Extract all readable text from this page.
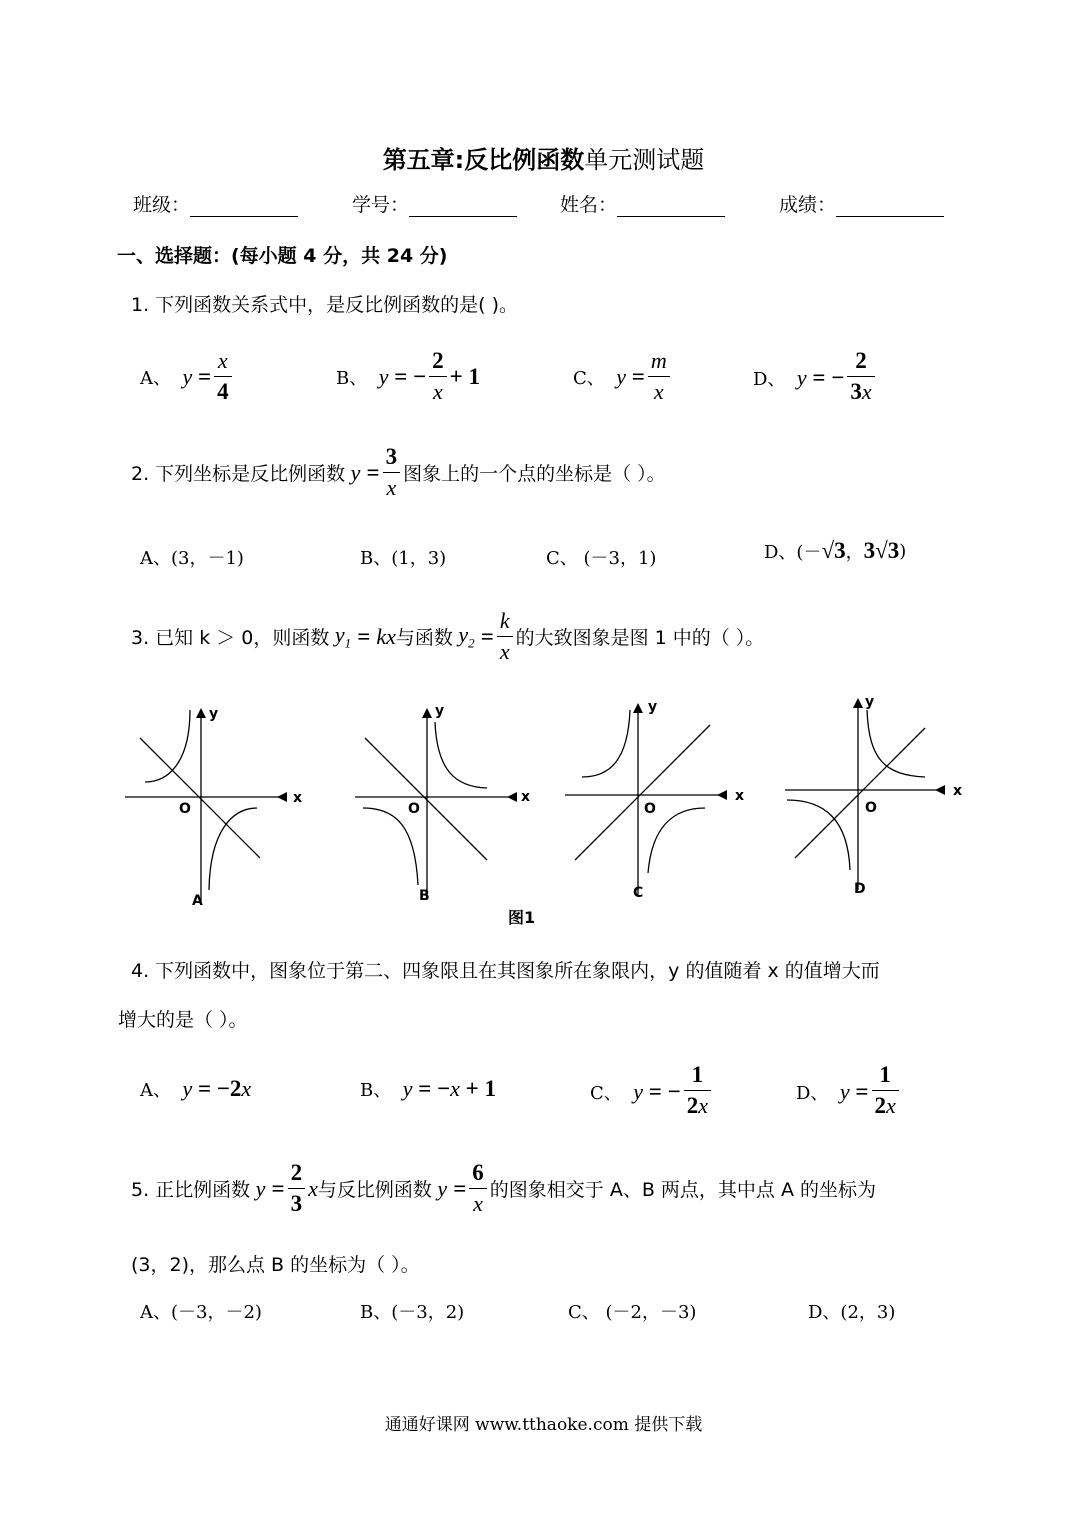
第五章:反比例函数单元测试题
班级：	学号：	姓名：	成绩：
一、选择题：(每小题 4 分，共 24 分)
1. 下列函数关系式中，是反比例函数的是( )。
A、
y
= $\frac{x}{4}$	B、
y
= − $\frac{2}{x} + 1$	C、
y
= $\frac{m}{x}$	D、
y
= − $\frac{2}{3x}$
2. 下列坐标是反比例函数 y
= $\frac{3}{x}$ 图象上的一个点的坐标是（ ）。
A、(3，－1)	B、(1，3)	C、 (－3，1)	D、(－ √3 ， 3√3 )
3. 已知 k ＞ 0，则函数 $y_1$
=
kx 与函数 $y_2$
= $\frac{k}{x}$ 的大致图象是图 1 中的（ ）。
y
x
O
A
y
x
O
B
y
x
O
C
y
x
O
D
图1
4. 下列函数中，图象位于第二、四象限且在其图象所在象限内，y 的值随着 x 的值增大而
增大的是（ ）。
A、
y
= −2 x	B、
y
= − x
+ 1	C、
y
= − $\frac{1}{2x}$	D、
y
= $\frac{1}{2x}$
5. 正比例函数 y
= $\frac{2}{3}$ x 与反比例函数 y
= $\frac{6}{x}$ 的图象相交于 A、B 两点，其中点 A 的坐标为
(3，2)，那么点 B 的坐标为（ ）。
A、(－3，－2)	B、(－3，2)	C、 (－2，－3)	D、(2，3)
通通好课网 www.tthaoke.com 提供下载
